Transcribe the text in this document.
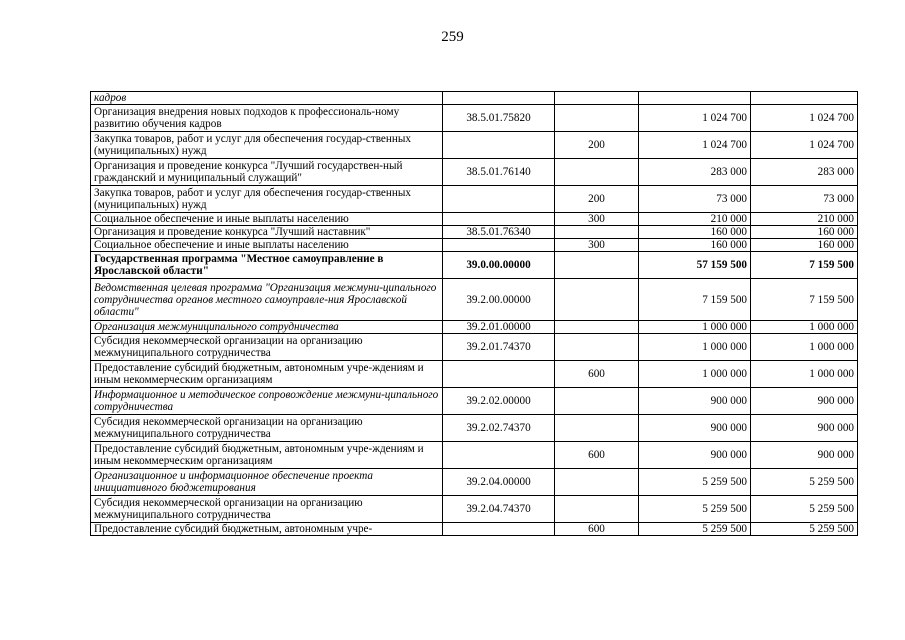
259
кадров				
Организация внедрения новых подходов к профессиональ-ному развитию обучения кадров	38.5.01.75820		1 024 700	1 024 700
Закупка товаров, работ и услуг для обеспечения государ-ственных (муниципальных) нужд		200	1 024 700	1 024 700
Организация и проведение конкурса "Лучший государствен-ный гражданский и муниципальный служащий"	38.5.01.76140		283 000	283 000
Закупка товаров, работ и услуг для обеспечения государ-ственных (муниципальных) нужд		200	73 000	73 000
Социальное обеспечение и иные выплаты населению		300	210 000	210 000
Организация и проведение конкурса "Лучший наставник"	38.5.01.76340		160 000	160 000
Социальное обеспечение и иные выплаты населению		300	160 000	160 000
Государственная программа "Местное самоуправление в Ярославской области"	39.0.00.00000		57 159 500	7 159 500
Ведомственная целевая программа "Организация межмуни-ципального сотрудничества органов местного самоуправле-ния Ярославской области"	39.2.00.00000		7 159 500	7 159 500
Организация межмуниципального сотрудничества	39.2.01.00000		1 000 000	1 000 000
Субсидия некоммерческой организации на организацию межмуниципального сотрудничества	39.2.01.74370		1 000 000	1 000 000
Предоставление субсидий бюджетным, автономным учре-ждениям и иным некоммерческим организациям		600	1 000 000	1 000 000
Информационное и методическое сопровождение межмуни-ципального сотрудничества	39.2.02.00000		900 000	900 000
Субсидия некоммерческой организации на организацию межмуниципального сотрудничества	39.2.02.74370		900 000	900 000
Предоставление субсидий бюджетным, автономным учре-ждениям и иным некоммерческим организациям		600	900 000	900 000
Организационное и информационное обеспечение проекта инициативного бюджетирования	39.2.04.00000		5 259 500	5 259 500
Субсидия некоммерческой организации на организацию межмуниципального сотрудничества	39.2.04.74370		5 259 500	5 259 500
Предоставление субсидий бюджетным, автономным учре-		600	5 259 500	5 259 500
